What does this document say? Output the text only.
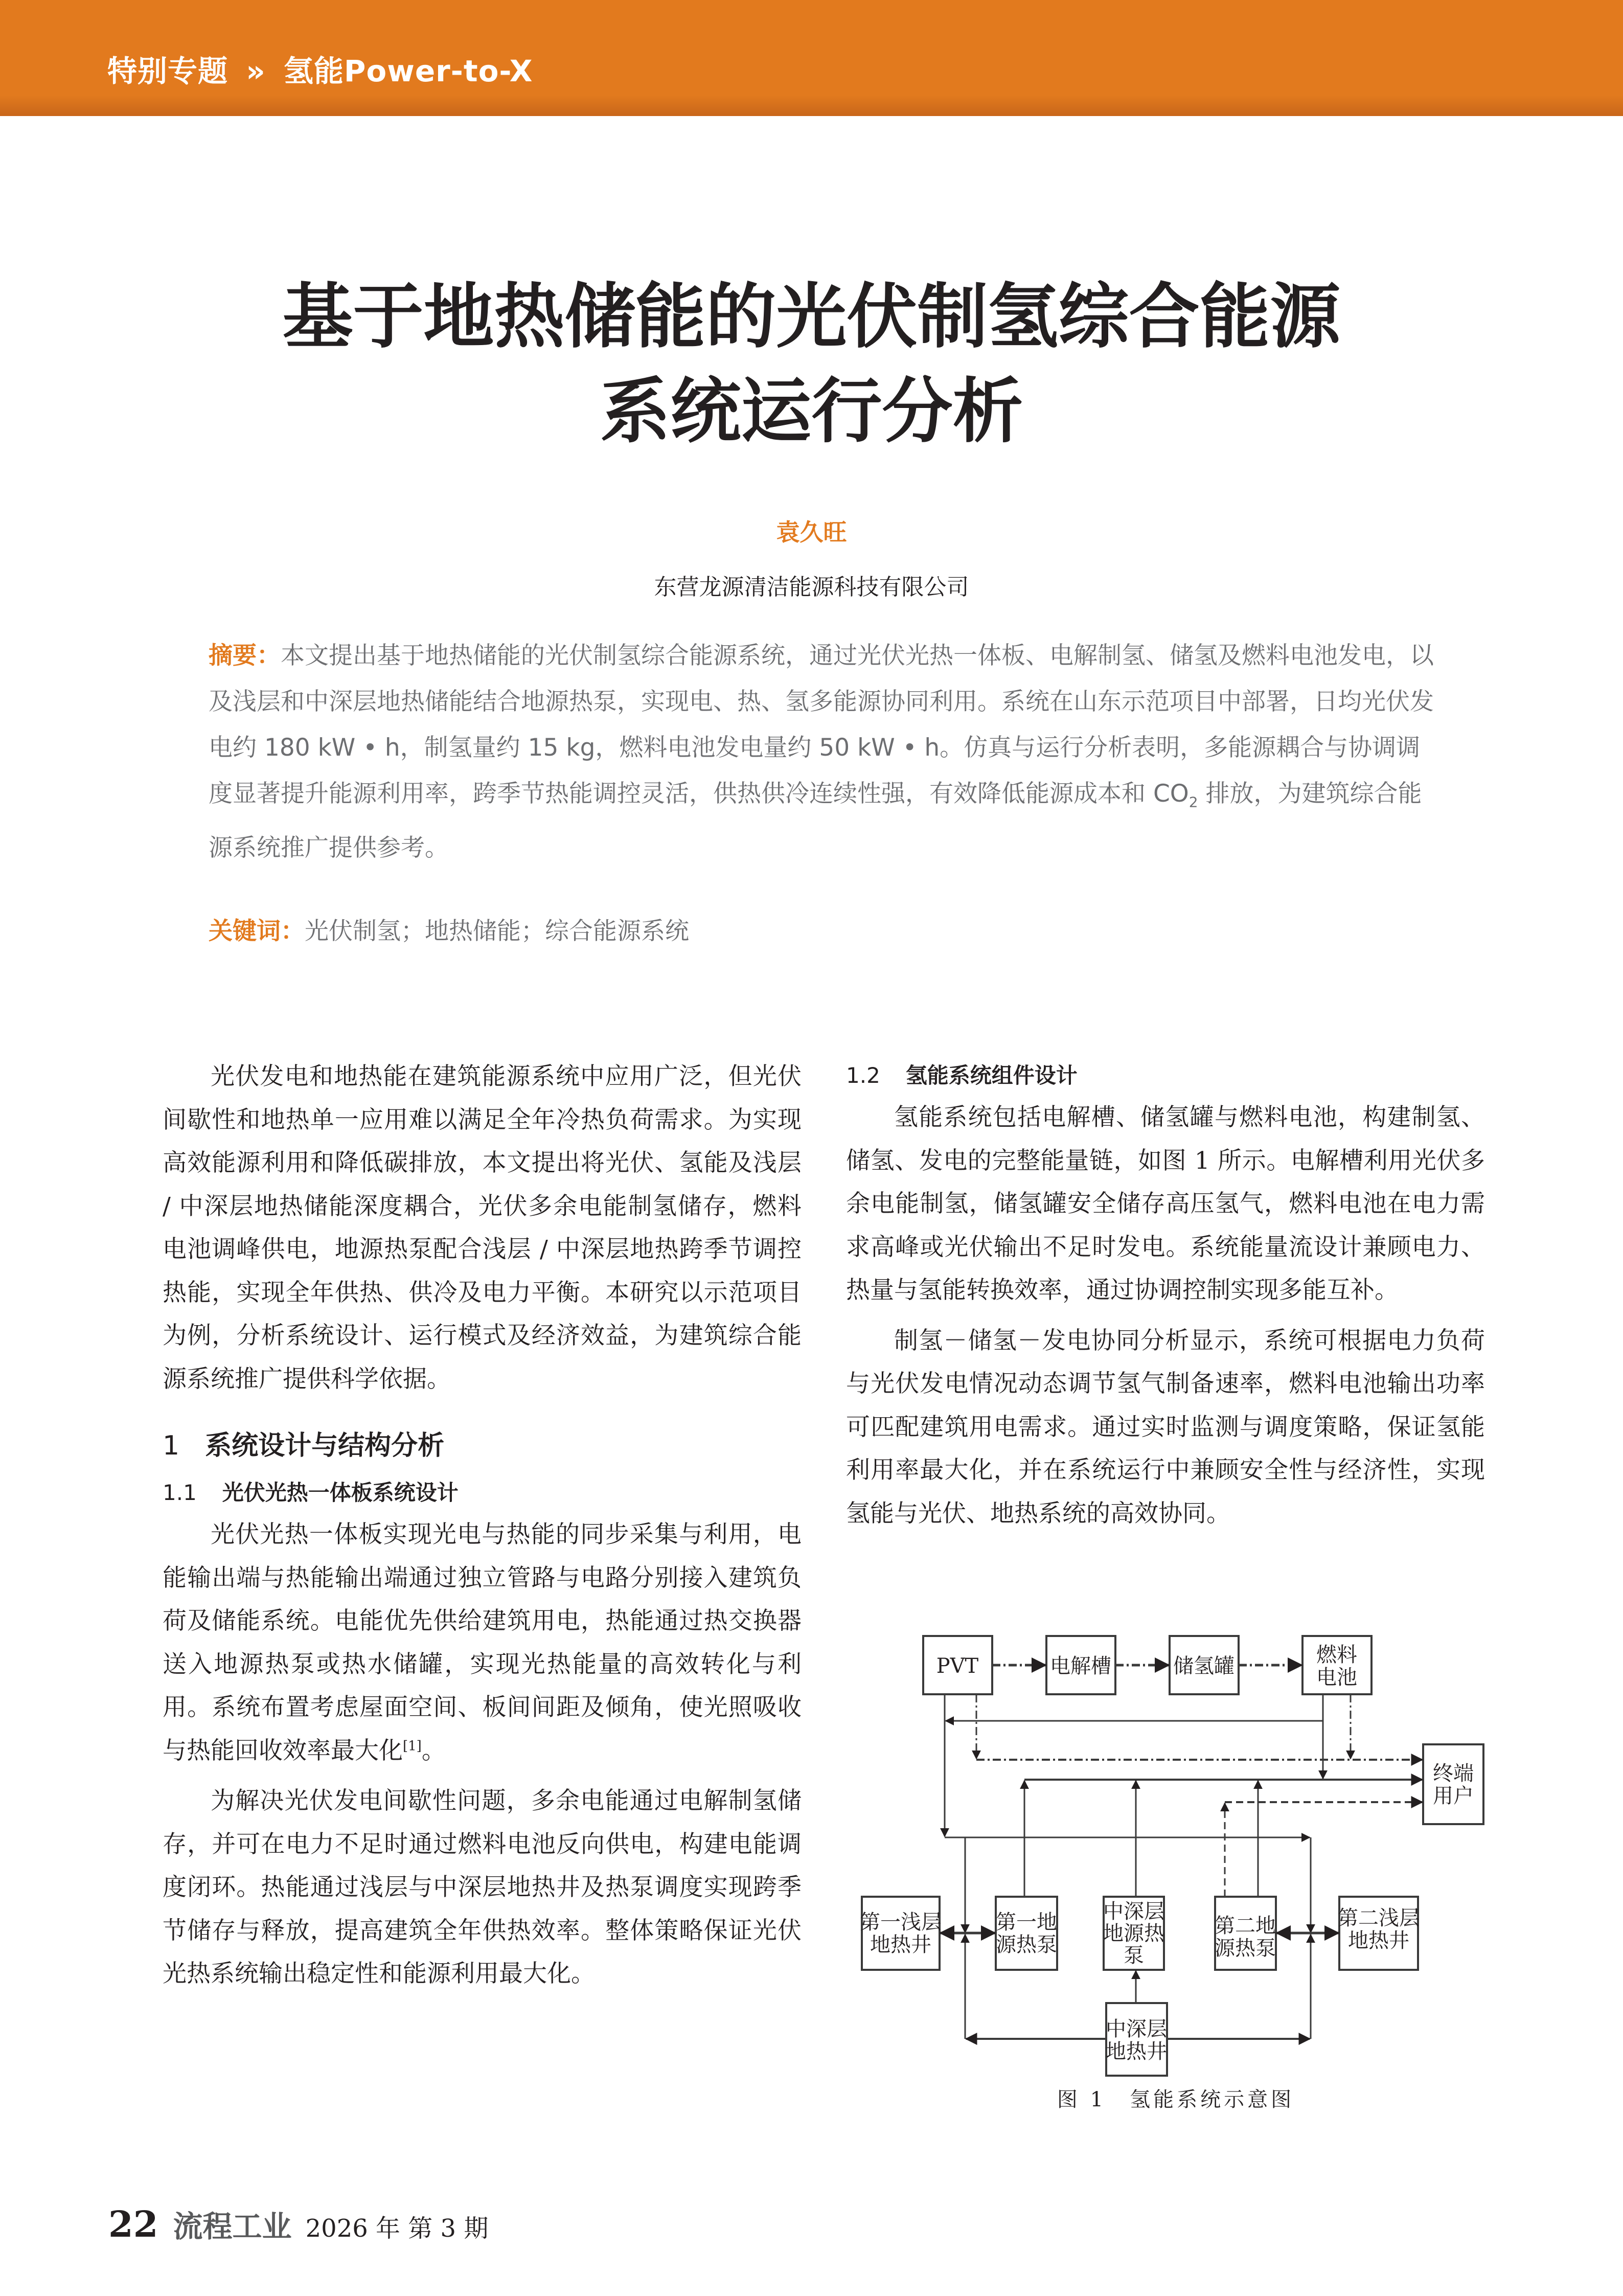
特别专题 » 氢能Power-to-X
基于地热储能的光伏制氢综合能源
系统运行分析
袁久旺
东营龙源清洁能源科技有限公司
摘要：本文提出基于地热储能的光伏制氢综合能源系统，通过光伏光热一体板、电解制氢、储氢及燃料电池发电，以及浅层和中深层地热储能结合地源热泵，实现电、热、氢多能源协同利用。系统在山东示范项目中部署，日均光伏发电约 180 kW • h，制氢量约 15 kg，燃料电池发电量约 50 kW • h。仿真与运行分析表明，多能源耦合与协调调度显著提升能源利用率，跨季节热能调控灵活，供热供冷连续性强，有效降低能源成本和 $CO_2$ 排放，为建筑综合能源系统推广提供参考。
关键词：光伏制氢；地热储能；综合能源系统

光伏发电和地热能在建筑能源系统中应用广泛，但光伏间歇性和地热单一应用难以满足全年冷热负荷需求。为实现高效能源利用和降低碳排放，本文提出将光伏、氢能及浅层 / 中深层地热储能深度耦合，光伏多余电能制氢储存，燃料电池调峰供电，地源热泵配合浅层 / 中深层地热跨季节调控热能，实现全年供热、供冷及电力平衡。本研究以示范项目为例，分析系统设计、运行模式及经济效益，为建筑综合能源系统推广提供科学依据。

1 系统设计与结构分析
1.1 光伏光热一体板系统设计

光伏光热一体板实现光电与热能的同步采集与利用，电能输出端与热能输出端通过独立管路与电路分别接入建筑负荷及储能系统。电能优先供给建筑用电，热能通过热交换器送入地源热泵或热水储罐，实现光热能量的高效转化与利用。系统布置考虑屋面空间、板间间距及倾角，使光照吸收与热能回收效率最大化[1]。

为解决光伏发电间歇性问题，多余电能通过电解制氢储存，并可在电力不足时通过燃料电池反向供电，构建电能调度闭环。热能通过浅层与中深层地热井及热泵调度实现跨季节储存与释放，提高建筑全年供热效率。整体策略保证光伏光热系统输出稳定性和能源利用最大化。

1.2 氢能系统组件设计

氢能系统包括电解槽、储氢罐与燃料电池，构建制氢、储氢、发电的完整能量链，如图 1 所示。电解槽利用光伏多余电能制氢，储氢罐安全储存高压氢气，燃料电池在电力需求高峰或光伏输出不足时发电。系统能量流设计兼顾电力、热量与氢能转换效率，通过协调控制实现多能互补。

制氢－储氢－发电协同分析显示，系统可根据电力负荷与光伏发电情况动态调节氢气制备速率，燃料电池输出功率可匹配建筑用电需求。通过实时监测与调度策略，保证氢能利用率最大化，并在系统运行中兼顾安全性与经济性，实现氢能与光伏、地热系统的高效协同。

PVT	电解槽	储氢罐	燃料
电池
终端
用户
第一浅层
地热井
第一地
源热泵
中深层
地源热
泵
第二地
源热泵
第二浅层
地热井
中深层
地热井
图 1　氢能系统示意图
22 流程工业 2026 年 第 3 期
